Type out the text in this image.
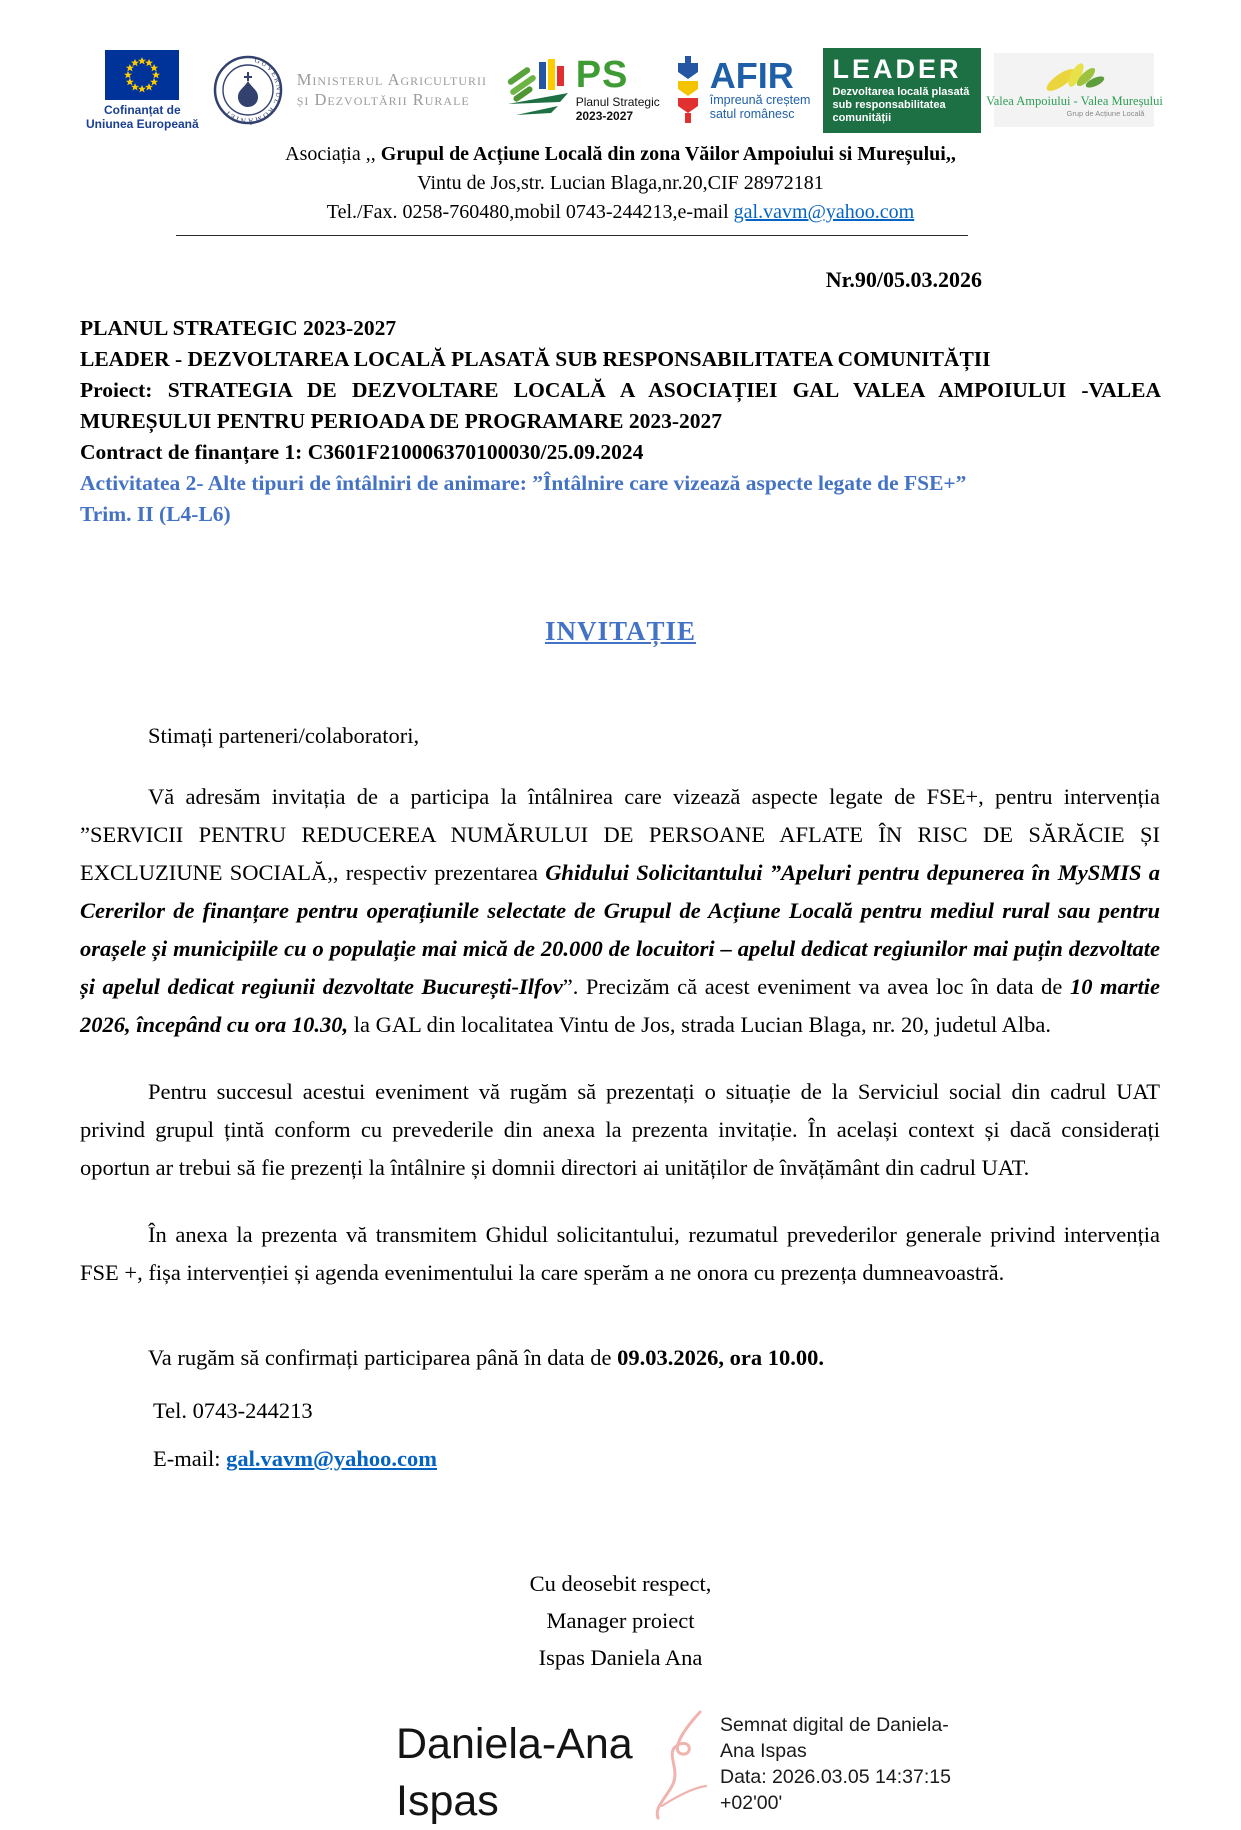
Cofinanțat de
Uniunea Europeană
GUVERNUL ROMÂNIEI
Ministerul Agriculturii
și Dezvoltării Rurale
PS
Planul Strategic
2023-2027
AFIR
împreună creștem
satul românesc
LEADER
Dezvoltarea locală plasată sub responsabilitatea comunității
Valea Ampoiului - Valea Mureșului
Grup de Acțiune Locală
Asociația ,, Grupul de Acțiune Locală din zona Văilor Ampoiului si Mureșului,,
Vintu de Jos,str. Lucian Blaga,nr.20,CIF 28972181
Tel./Fax. 0258-760480,mobil 0743-244213,e-mail gal.vavm@yahoo.com
Nr.90/05.03.2026
PLANUL STRATEGIC 2023-2027
LEADER - DEZVOLTAREA LOCALĂ PLASATĂ SUB RESPONSABILITATEA COMUNITĂȚII
Proiect: STRATEGIA DE DEZVOLTARE LOCALĂ A ASOCIAȚIEI GAL VALEA AMPOIULUI -VALEA MUREȘULUI PENTRU PERIOADA DE PROGRAMARE 2023-2027
Contract de finanțare 1: C3601F210006370100030/25.09.2024
Activitatea 2- Alte tipuri de întâlniri de animare: ”Întâlnire care vizează aspecte legate de FSE+”
Trim. II (L4-L6)
INVITAȚIE
Stimați parteneri/colaboratori,

Vă adresăm invitația de a participa la întâlnirea care vizează aspecte legate de FSE+, pentru intervenția ”SERVICII PENTRU REDUCEREA NUMĂRULUI DE PERSOANE AFLATE ÎN RISC DE SĂRĂCIE ȘI EXCLUZIUNE SOCIALĂ,, respectiv prezentarea Ghidului Solicitantului ”Apeluri pentru depunerea în MySMIS a Cererilor de finanțare pentru operațiunile selectate de Grupul de Acțiune Locală pentru mediul rural sau pentru orașele și municipiile cu o populație mai mică de 20.000 de locuitori – apelul dedicat regiunilor mai puțin dezvoltate și apelul dedicat regiunii dezvoltate București-Ilfov”. Precizăm că acest eveniment va avea loc în data de 10 martie 2026, începând cu ora 10.30, la GAL din localitatea Vintu de Jos, strada Lucian Blaga, nr. 20, judetul Alba.

Pentru succesul acestui eveniment vă rugăm să prezentați o situație de la Serviciul social din cadrul UAT privind grupul țintă conform cu prevederile din anexa la prezenta invitație. În același context și dacă considerați oportun ar trebui să fie prezenți la întâlnire și domnii directori ai unităților de învățământ din cadrul UAT.

În anexa la prezenta vă transmitem Ghidul solicitantului, rezumatul prevederilor generale privind intervenția FSE +, fișa intervenției și agenda evenimentului la care sperăm a ne onora cu prezența dumneavoastră.

Va rugăm să confirmați participarea până în data de 09.03.2026, ora 10.00.
Tel. 0743-244213
E-mail: gal.vavm@yahoo.com
Cu deosebit respect,
Manager proiect
Ispas Daniela Ana
Daniela-Ana
Ispas
Semnat digital de Daniela-
Ana Ispas
Data: 2026.03.05 14:37:15
+02'00'
